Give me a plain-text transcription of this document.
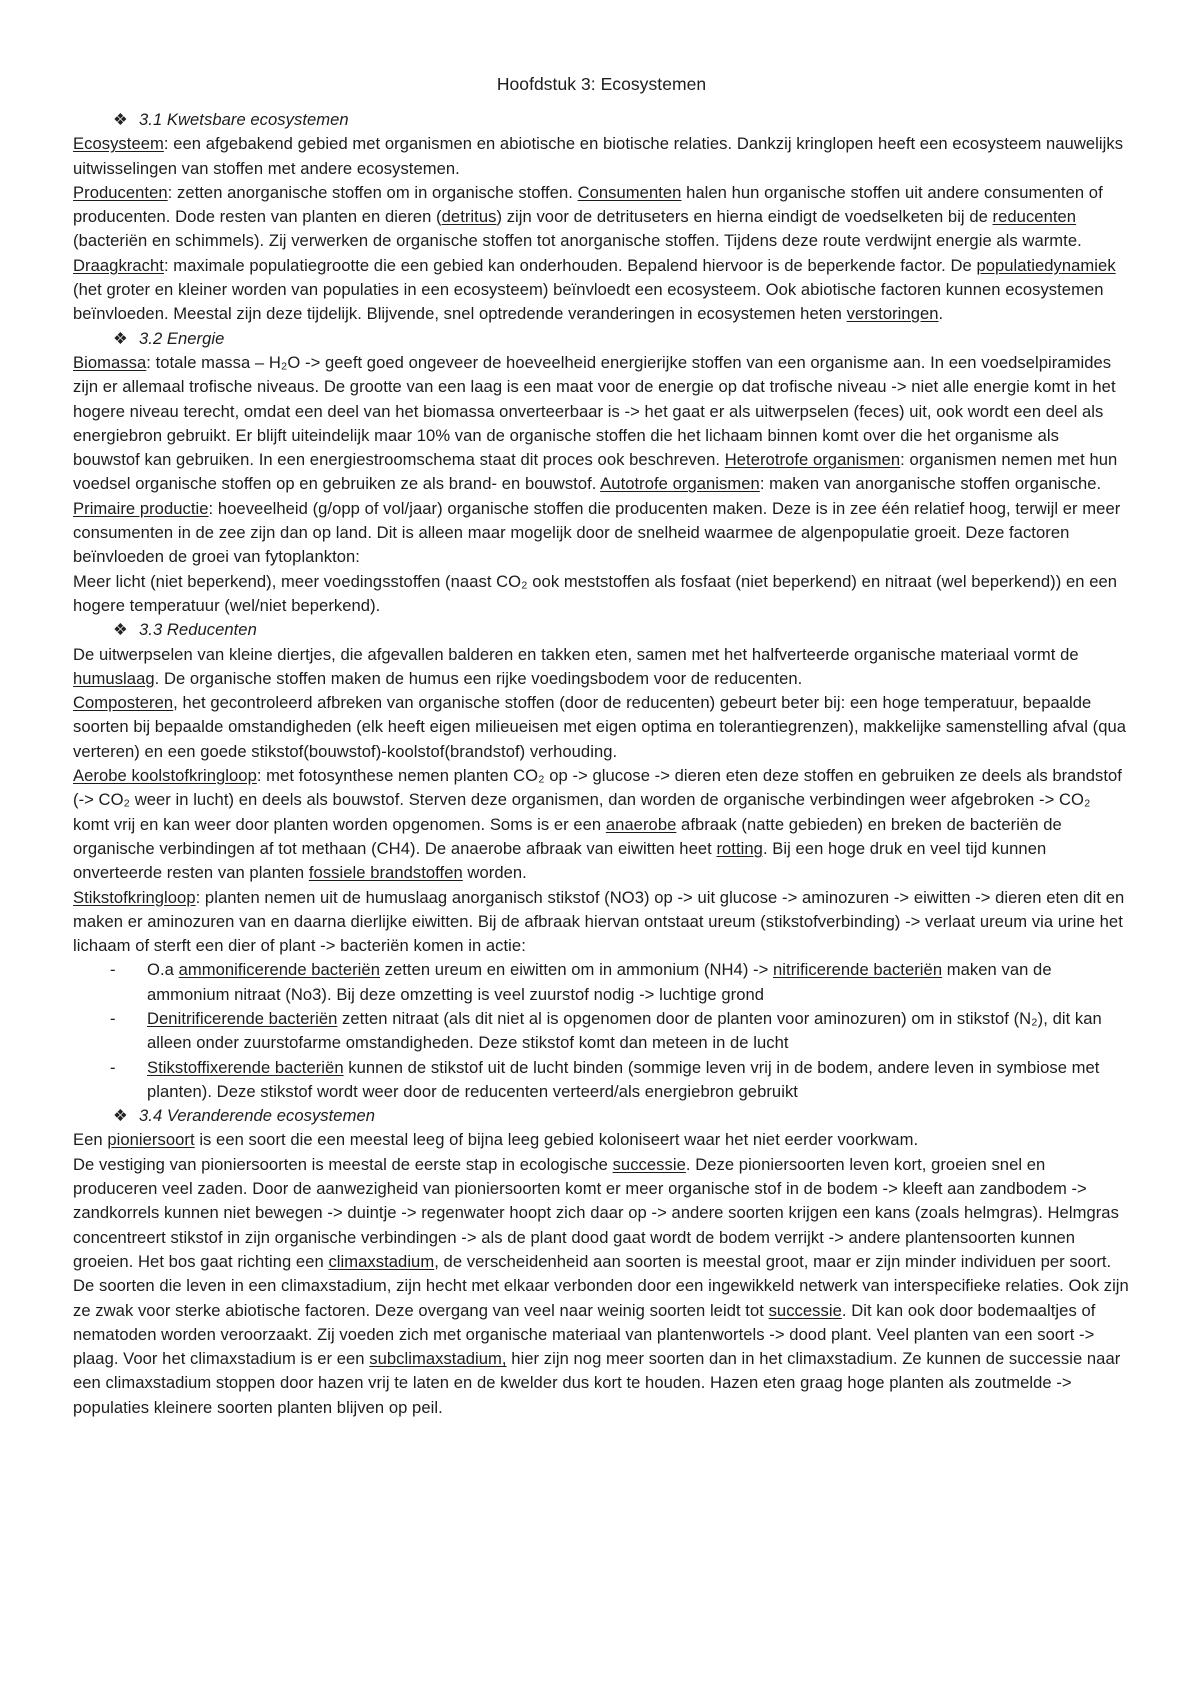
Hoofdstuk 3: Ecosystemen

❖ 3.1 Kwetsbare ecosystemen

Ecosysteem: een afgebakend gebied met organismen en abiotische en biotische relaties. Dankzij kringlopen heeft een ecosysteem nauwelijks uitwisselingen van stoffen met andere ecosystemen.

Producenten: zetten anorganische stoffen om in organische stoffen. Consumenten halen hun organische stoffen uit andere consumenten of producenten. Dode resten van planten en dieren (detritus) zijn voor de detrituseters en hierna eindigt de voedselketen bij de reducenten (bacteriën en schimmels). Zij verwerken de organische stoffen tot anorganische stoffen. Tijdens deze route verdwijnt energie als warmte.

Draagkracht: maximale populatiegrootte die een gebied kan onderhouden. Bepalend hiervoor is de beperkende factor. De populatiedynamiek (het groter en kleiner worden van populaties in een ecosysteem) beïnvloedt een ecosysteem. Ook abiotische factoren kunnen ecosystemen beïnvloeden. Meestal zijn deze tijdelijk. Blijvende, snel optredende veranderingen in ecosystemen heten verstoringen.

❖ 3.2 Energie

Biomassa: totale massa – H₂O -> geeft goed ongeveer de hoeveelheid energierijke stoffen van een organisme aan. In een voedselpiramides zijn er allemaal trofische niveaus. De grootte van een laag is een maat voor de energie op dat trofische niveau -> niet alle energie komt in het hogere niveau terecht, omdat een deel van het biomassa onverteerbaar is -> het gaat er als uitwerpselen (feces) uit, ook wordt een deel als energiebron gebruikt. Er blijft uiteindelijk maar 10% van de organische stoffen die het lichaam binnen komt over die het organisme als bouwstof kan gebruiken. In een energiestroomschema staat dit proces ook beschreven. Heterotrofe organismen: organismen nemen met hun voedsel organische stoffen op en gebruiken ze als brand- en bouwstof. Autotrofe organismen: maken van anorganische stoffen organische.

Primaire productie: hoeveelheid (g/opp of vol/jaar) organische stoffen die producenten maken. Deze is in zee één relatief hoog, terwijl er meer consumenten in de zee zijn dan op land. Dit is alleen maar mogelijk door de snelheid waarmee de algenpopulatie groeit. Deze factoren beïnvloeden de groei van fytoplankton:

Meer licht (niet beperkend), meer voedingsstoffen (naast CO₂ ook meststoffen als fosfaat (niet beperkend) en nitraat (wel beperkend)) en een hogere temperatuur (wel/niet beperkend).

❖ 3.3 Reducenten

De uitwerpselen van kleine diertjes, die afgevallen balderen en takken eten, samen met het halfverteerde organische materiaal vormt de humuslaag. De organische stoffen maken de humus een rijke voedingsbodem voor de reducenten.

Composteren, het gecontroleerd afbreken van organische stoffen (door de reducenten) gebeurt beter bij: een hoge temperatuur, bepaalde soorten bij bepaalde omstandigheden (elk heeft eigen milieueisen met eigen optima en tolerantiegrenzen), makkelijke samenstelling afval (qua verteren) en een goede stikstof(bouwstof)-koolstof(brandstof) verhouding.

Aerobe koolstofkringloop: met fotosynthese nemen planten CO₂ op -> glucose -> dieren eten deze stoffen en gebruiken ze deels als brandstof (-> CO₂ weer in lucht) en deels als bouwstof. Sterven deze organismen, dan worden de organische verbindingen weer afgebroken -> CO₂ komt vrij en kan weer door planten worden opgenomen. Soms is er een anaerobe afbraak (natte gebieden) en breken de bacteriën de organische verbindingen af tot methaan (CH4). De anaerobe afbraak van eiwitten heet rotting. Bij een hoge druk en veel tijd kunnen onverteerde resten van planten fossiele brandstoffen worden.

Stikstofkringloop: planten nemen uit de humuslaag anorganisch stikstof (NO3) op -> uit glucose -> aminozuren -> eiwitten -> dieren eten dit en maken er aminozuren van en daarna dierlijke eiwitten. Bij de afbraak hiervan ontstaat ureum (stikstofverbinding) -> verlaat ureum via urine het lichaam of sterft een dier of plant -> bacteriën komen in actie:

- O.a ammonificerende bacteriën zetten ureum en eiwitten om in ammonium (NH4) -> nitrificerende bacteriën maken van de ammonium nitraat (No3). Bij deze omzetting is veel zuurstof nodig -> luchtige grond
- Denitrificerende bacteriën zetten nitraat (als dit niet al is opgenomen door de planten voor aminozuren) om in stikstof (N₂), dit kan alleen onder zuurstofarme omstandigheden. Deze stikstof komt dan meteen in de lucht
- Stikstoffixerende bacteriën kunnen de stikstof uit de lucht binden (sommige leven vrij in de bodem, andere leven in symbiose met planten). Deze stikstof wordt weer door de reducenten verteerd/als energiebron gebruikt

❖ 3.4 Veranderende ecosystemen

Een pioniersoort is een soort die een meestal leeg of bijna leeg gebied koloniseert waar het niet eerder voorkwam.

De vestiging van pioniersoorten is meestal de eerste stap in ecologische successie. Deze pioniersoorten leven kort, groeien snel en produceren veel zaden. Door de aanwezigheid van pioniersoorten komt er meer organische stof in de bodem -> kleeft aan zandbodem -> zandkorrels kunnen niet bewegen -> duintje -> regenwater hoopt zich daar op -> andere soorten krijgen een kans (zoals helmgras). Helmgras concentreert stikstof in zijn organische verbindingen -> als de plant dood gaat wordt de bodem verrijkt -> andere plantensoorten kunnen groeien. Het bos gaat richting een climaxstadium, de verscheidenheid aan soorten is meestal groot, maar er zijn minder individuen per soort. De soorten die leven in een climaxstadium, zijn hecht met elkaar verbonden door een ingewikkeld netwerk van interspecifieke relaties. Ook zijn ze zwak voor sterke abiotische factoren. Deze overgang van veel naar weinig soorten leidt tot successie. Dit kan ook door bodemaaltjes of nematoden worden veroorzaakt. Zij voeden zich met organische materiaal van plantenwortels -> dood plant. Veel planten van een soort -> plaag. Voor het climaxstadium is er een subclimaxstadium, hier zijn nog meer soorten dan in het climaxstadium. Ze kunnen de successie naar een climaxstadium stoppen door hazen vrij te laten en de kwelder dus kort te houden. Hazen eten graag hoge planten als zoutmelde -> populaties kleinere soorten planten blijven op peil.
